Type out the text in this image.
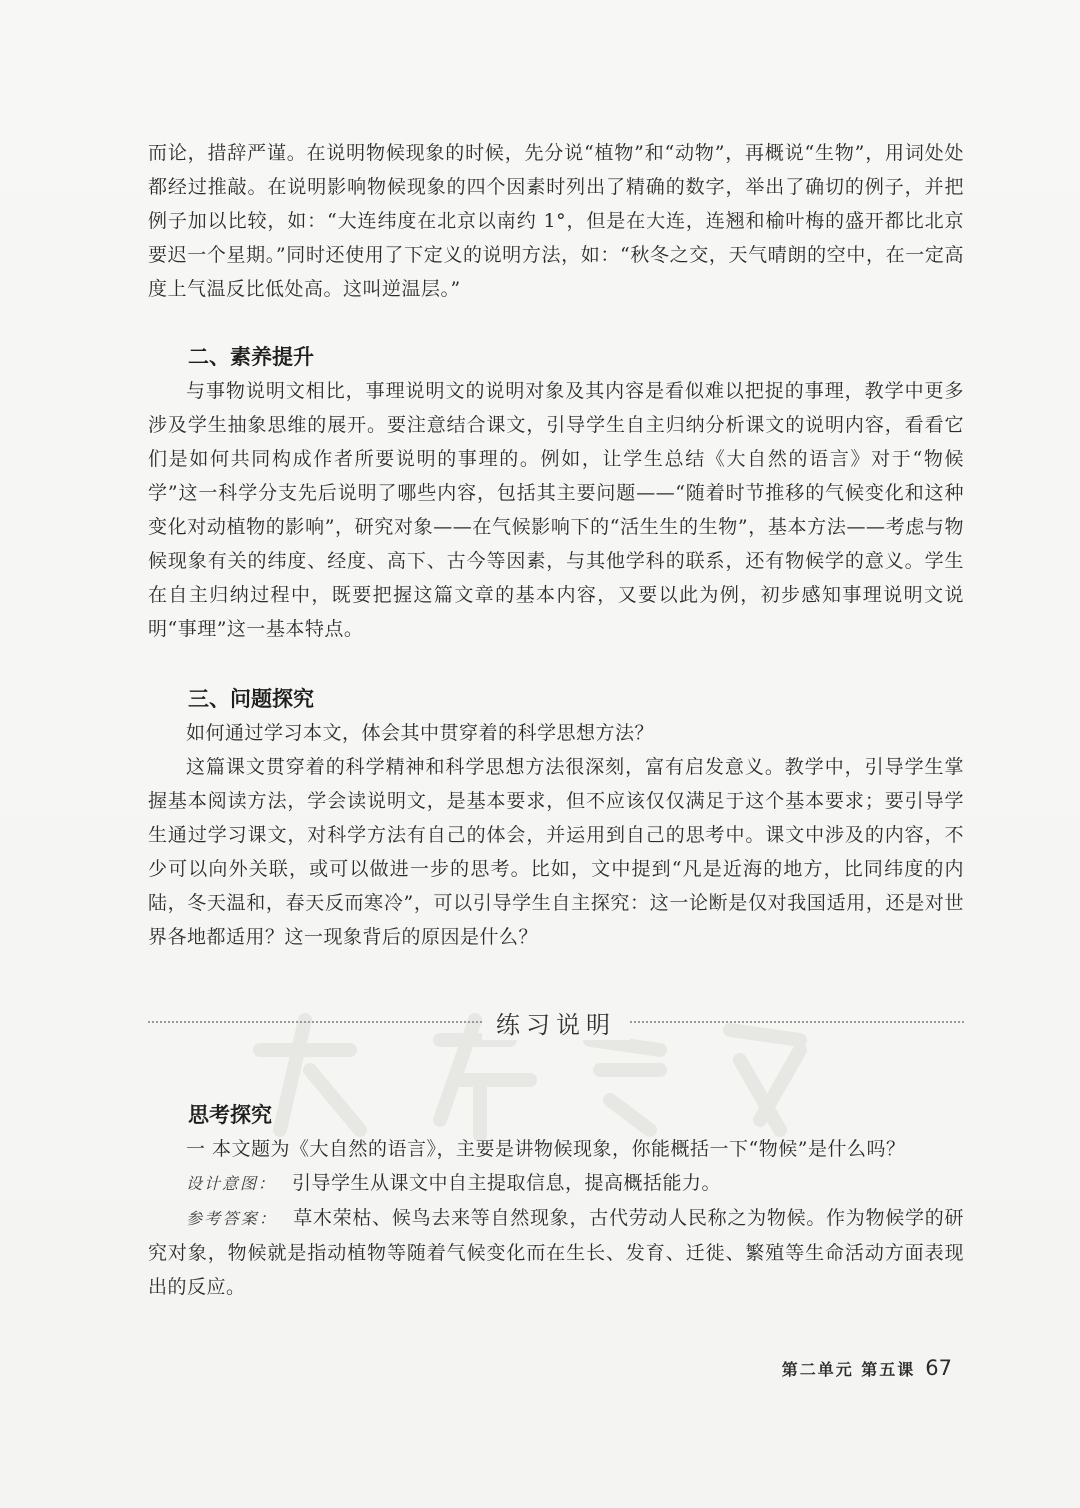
而论，措辞严谨。在说明物候现象的时候，先分说“植物”和“动物”，再概说“生物”，用词处处都经过推敲。在说明影响物候现象的四个因素时列出了精确的数字，举出了确切的例子，并把例子加以比较，如：“大连纬度在北京以南约 1°，但是在大连，连翘和榆叶梅的盛开都比北京要迟一个星期。”同时还使用了下定义的说明方法，如：“秋冬之交，天气晴朗的空中，在一定高度上气温反比低处高。这叫逆温层。”

二、素养提升

与事物说明文相比，事理说明文的说明对象及其内容是看似难以把捉的事理，教学中更多涉及学生抽象思维的展开。要注意结合课文，引导学生自主归纳分析课文的说明内容，看看它们是如何共同构成作者所要说明的事理的。例如，让学生总结《大自然的语言》对于“物候学”这一科学分支先后说明了哪些内容，包括其主要问题——“随着时节推移的气候变化和这种变化对动植物的影响”，研究对象——在气候影响下的“活生生的生物”，基本方法——考虑与物候现象有关的纬度、经度、高下、古今等因素，与其他学科的联系，还有物候学的意义。学生在自主归纳过程中，既要把握这篇文章的基本内容，又要以此为例，初步感知事理说明文说明“事理”这一基本特点。

三、问题探究

如何通过学习本文，体会其中贯穿着的科学思想方法？

这篇课文贯穿着的科学精神和科学思想方法很深刻，富有启发意义。教学中，引导学生掌握基本阅读方法，学会读说明文，是基本要求，但不应该仅仅满足于这个基本要求；要引导学生通过学习课文，对科学方法有自己的体会，并运用到自己的思考中。课文中涉及的内容，不少可以向外关联，或可以做进一步的思考。比如，文中提到“凡是近海的地方，比同纬度的内陆，冬天温和，春天反而寒冷”，可以引导学生自主探究：这一论断是仅对我国适用，还是对世界各地都适用？这一现象背后的原因是什么？

练习说明
思考探究

一 本文题为《大自然的语言》，主要是讲物候现象，你能概括一下“物候”是什么吗？

设计意图： 引导学生从课文中自主提取信息，提高概括能力。

参考答案： 草木荣枯、候鸟去来等自然现象，古代劳动人民称之为物候。作为物候学的研究对象，物候就是指动植物等随着气候变化而在生长、发育、迁徙、繁殖等生命活动方面表现出的反应。

第二单元 第五课 67
